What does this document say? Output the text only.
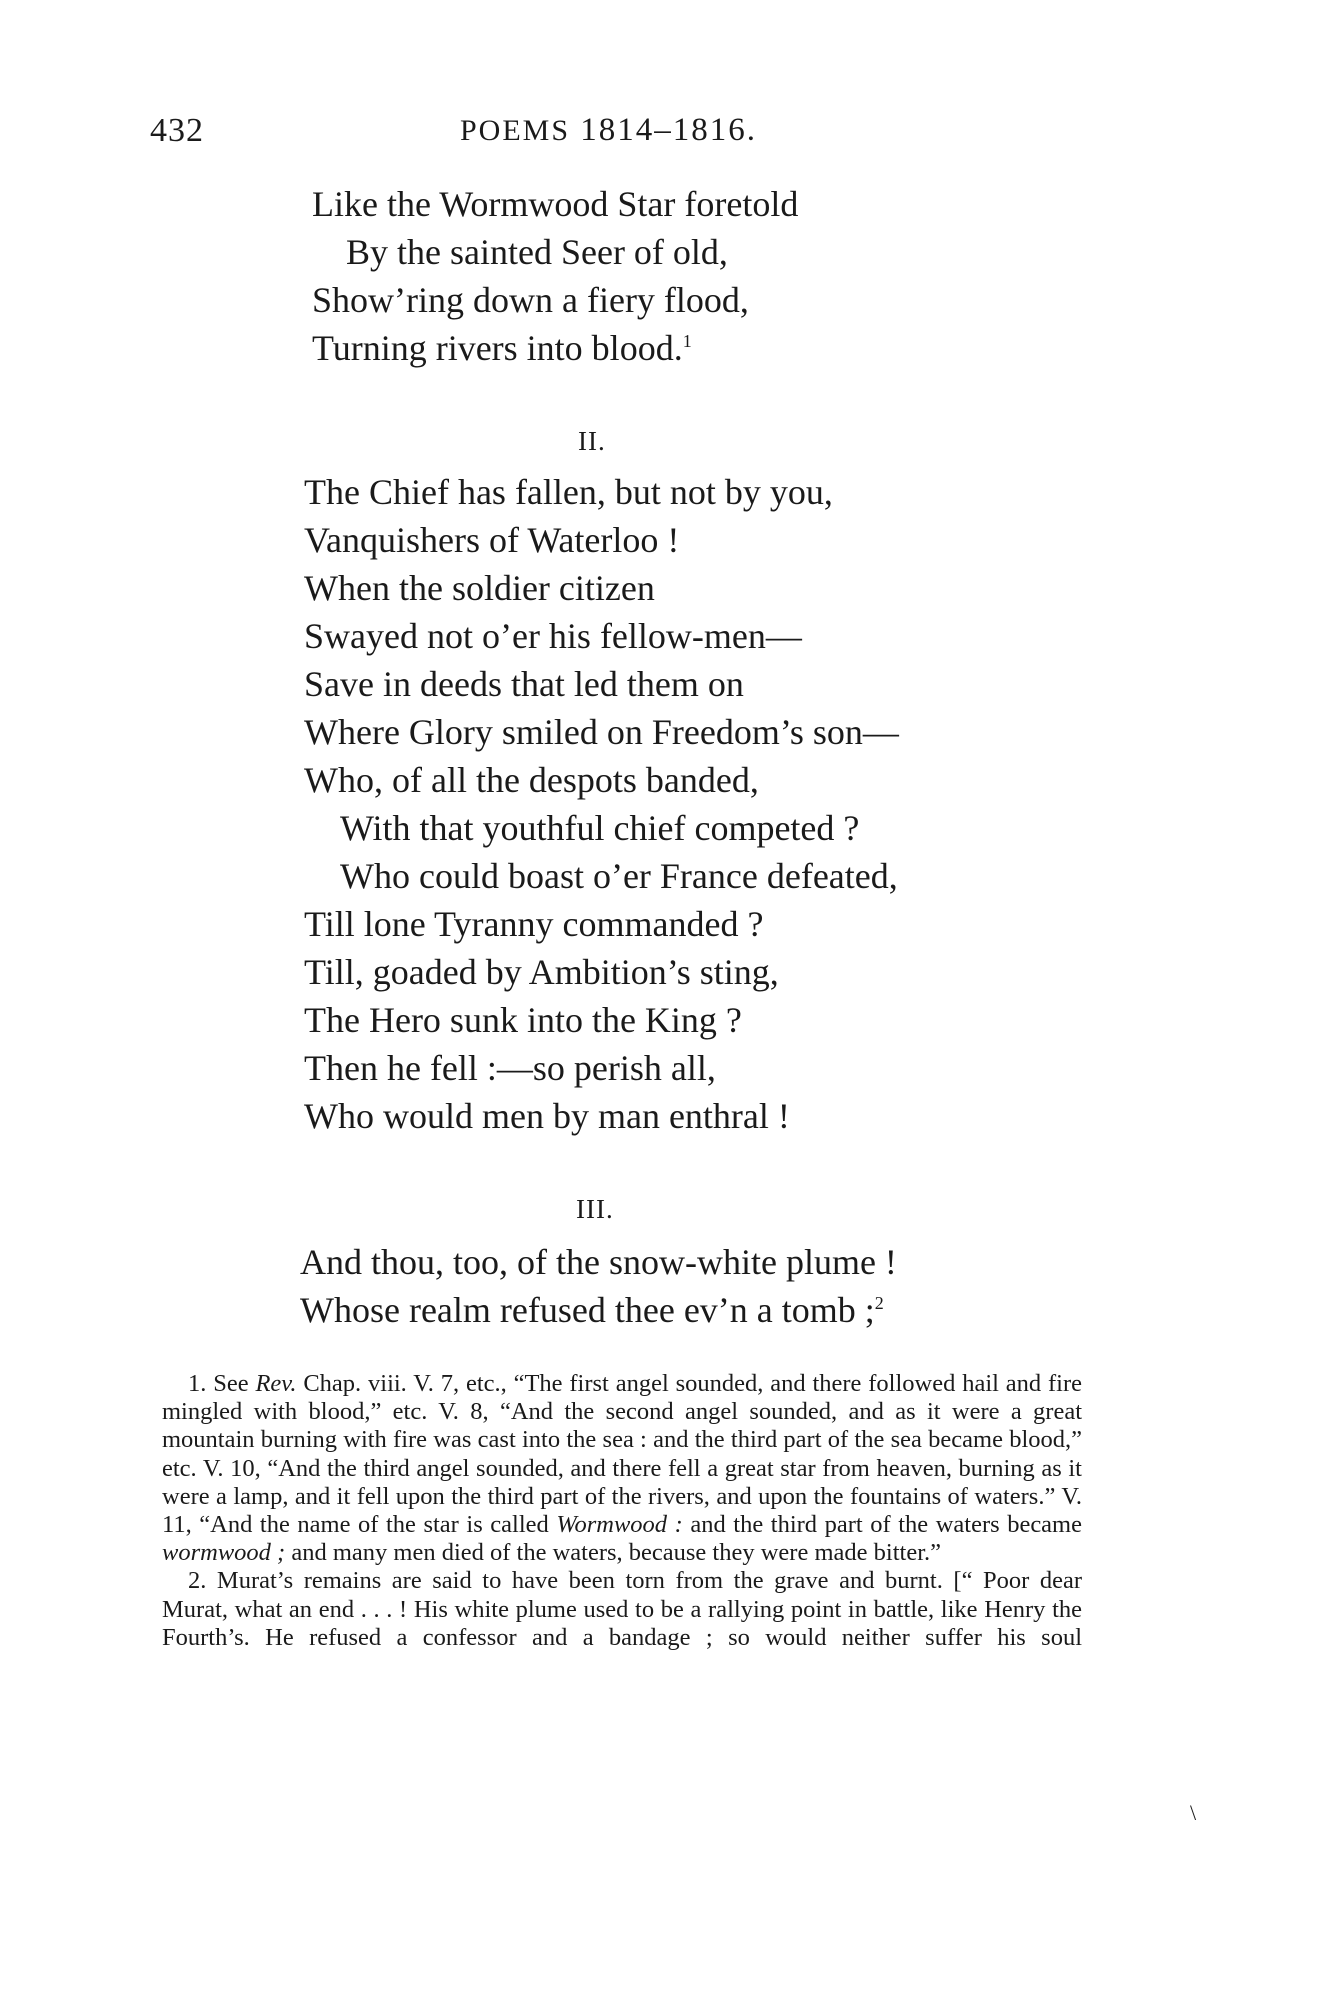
432	POEMS 1814–1816.
Like the Wormwood Star foretold
By the sainted Seer of old,
Show’ring down a fiery flood,
Turning rivers into blood.$^1$
II.
The Chief has fallen, but not by you,
Vanquishers of Waterloo !
When the soldier citizen
Swayed not o’er his fellow-men—
Save in deeds that led them on
Where Glory smiled on Freedom’s son—
Who, of all the despots banded,
With that youthful chief competed ?
Who could boast o’er France defeated,
Till lone Tyranny commanded ?
Till, goaded by Ambition’s sting,
The Hero sunk into the King ?
Then he fell :—so perish all,
Who would men by man enthral !
III.
And thou, too, of the snow-white plume !
Whose realm refused thee ev’n a tomb ;$^2$
1. See Rev. Chap. viii. V. 7, etc., “The first angel sounded, and there followed hail and fire mingled with blood,” etc. V. 8, “And the second angel sounded, and as it were a great mountain burning with fire was cast into the sea : and the third part of the sea became blood,” etc. V. 10, “And the third angel sounded, and there fell a great star from heaven, burning as it were a lamp, and it fell upon the third part of the rivers, and upon the fountains of waters.” V. 11, “And the name of the star is called Wormwood : and the third part of the waters became wormwood ; and many men died of the waters, because they were made bitter.”
2. Murat’s remains are said to have been torn from the grave and burnt. [“ Poor dear Murat, what an end . . . ! His white plume used to be a rallying point in battle, like Henry the Fourth’s. He refused a confessor and a bandage ; so would neither suffer his soul
\
